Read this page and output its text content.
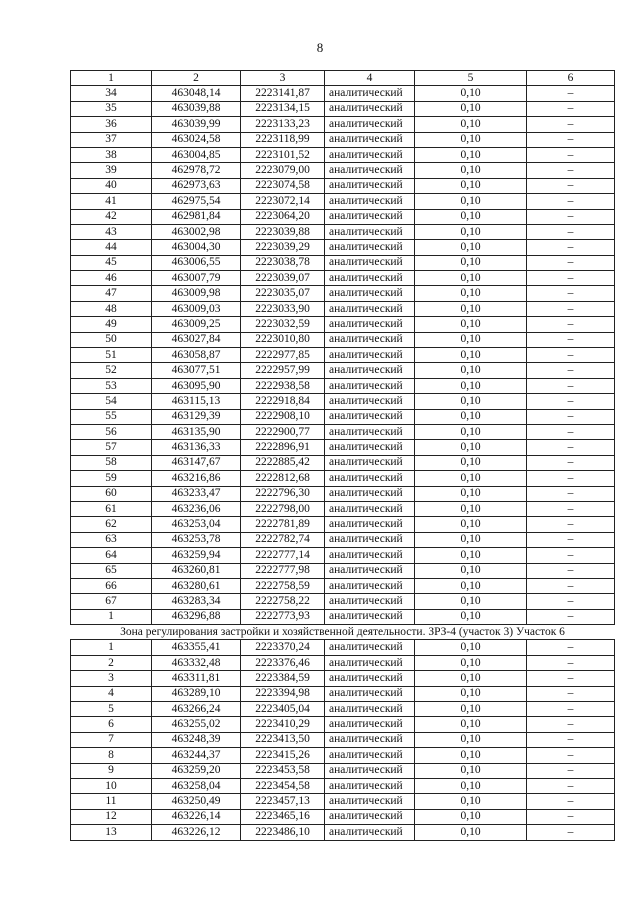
8
1	2	3	4	5	6
34	463048,14	2223141,87	аналитический	0,10	–
35	463039,88	2223134,15	аналитический	0,10	–
36	463039,99	2223133,23	аналитический	0,10	–
37	463024,58	2223118,99	аналитический	0,10	–
38	463004,85	2223101,52	аналитический	0,10	–
39	462978,72	2223079,00	аналитический	0,10	–
40	462973,63	2223074,58	аналитический	0,10	–
41	462975,54	2223072,14	аналитический	0,10	–
42	462981,84	2223064,20	аналитический	0,10	–
43	463002,98	2223039,88	аналитический	0,10	–
44	463004,30	2223039,29	аналитический	0,10	–
45	463006,55	2223038,78	аналитический	0,10	–
46	463007,79	2223039,07	аналитический	0,10	–
47	463009,98	2223035,07	аналитический	0,10	–
48	463009,03	2223033,90	аналитический	0,10	–
49	463009,25	2223032,59	аналитический	0,10	–
50	463027,84	2223010,80	аналитический	0,10	–
51	463058,87	2222977,85	аналитический	0,10	–
52	463077,51	2222957,99	аналитический	0,10	–
53	463095,90	2222938,58	аналитический	0,10	–
54	463115,13	2222918,84	аналитический	0,10	–
55	463129,39	2222908,10	аналитический	0,10	–
56	463135,90	2222900,77	аналитический	0,10	–
57	463136,33	2222896,91	аналитический	0,10	–
58	463147,67	2222885,42	аналитический	0,10	–
59	463216,86	2222812,68	аналитический	0,10	–
60	463233,47	2222796,30	аналитический	0,10	–
61	463236,06	2222798,00	аналитический	0,10	–
62	463253,04	2222781,89	аналитический	0,10	–
63	463253,78	2222782,74	аналитический	0,10	–
64	463259,94	2222777,14	аналитический	0,10	–
65	463260,81	2222777,98	аналитический	0,10	–
66	463280,61	2222758,59	аналитический	0,10	–
67	463283,34	2222758,22	аналитический	0,10	–
1	463296,88	2222773,93	аналитический	0,10	–
Зона регулирования застройки и хозяйственной деятельности. ЗРЗ-4 (участок 3) Участок 6					
1	463355,41	2223370,24	аналитический	0,10	–
2	463332,48	2223376,46	аналитический	0,10	–
3	463311,81	2223384,59	аналитический	0,10	–
4	463289,10	2223394,98	аналитический	0,10	–
5	463266,24	2223405,04	аналитический	0,10	–
6	463255,02	2223410,29	аналитический	0,10	–
7	463248,39	2223413,50	аналитический	0,10	–
8	463244,37	2223415,26	аналитический	0,10	–
9	463259,20	2223453,58	аналитический	0,10	–
10	463258,04	2223454,58	аналитический	0,10	–
11	463250,49	2223457,13	аналитический	0,10	–
12	463226,14	2223465,16	аналитический	0,10	–
13	463226,12	2223486,10	аналитический	0,10	–
